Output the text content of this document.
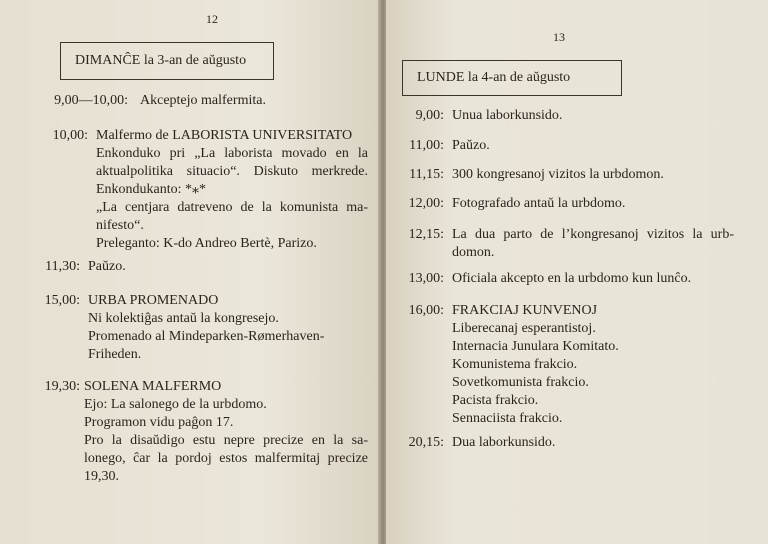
12
DIMANĈE la 3-an de aŭgusto
9,00—10,00: Akceptejo malfermita.
10,00: Malfermo de LABORISTA UNIVERSITATO
Enkonduko pri „La laborista movado en la
aktualpolitika situacio“. Diskuto merkrede.
Enkondukanto: *⁎*
„La centjara datreveno de la komunista ma-
nifesto“.
Preleganto: K-do Andreo Bertè, Parizo.
11,30: Paŭzo.
15,00: URBA PROMENADO
Ni kolektiĝas antaŭ la kongresejo.
Promenado al Mindeparken-Rømerhaven-
Friheden.
19,30: SOLENA MALFERMO
Ejo: La salonego de la urbdomo.
Programon vidu paĝon 17.
Pro la disaŭdigo estu nepre precize en la sa-
lonego, ĉar la pordoj estos malfermitaj precize
19,30.
13
LUNDE la 4-an de aŭgusto
9,00: Unua laborkunsido.
11,00: Paŭzo.
11,15: 300 kongresanoj vizitos la urbdomon.
12,00: Fotografado antaŭ la urbdomo.
12,15: La dua parto de l’kongresanoj vizitos la urb-
domon.
13,00: Oficiala akcepto en la urbdomo kun lunĉo.
16,00: FRAKCIAJ KUNVENOJ
Liberecanaj esperantistoj.
Internacia Junulara Komitato.
Komunistema frakcio.
Sovetkomunista frakcio.
Pacista frakcio.
Sennaciista frakcio.
20,15: Dua laborkunsido.
